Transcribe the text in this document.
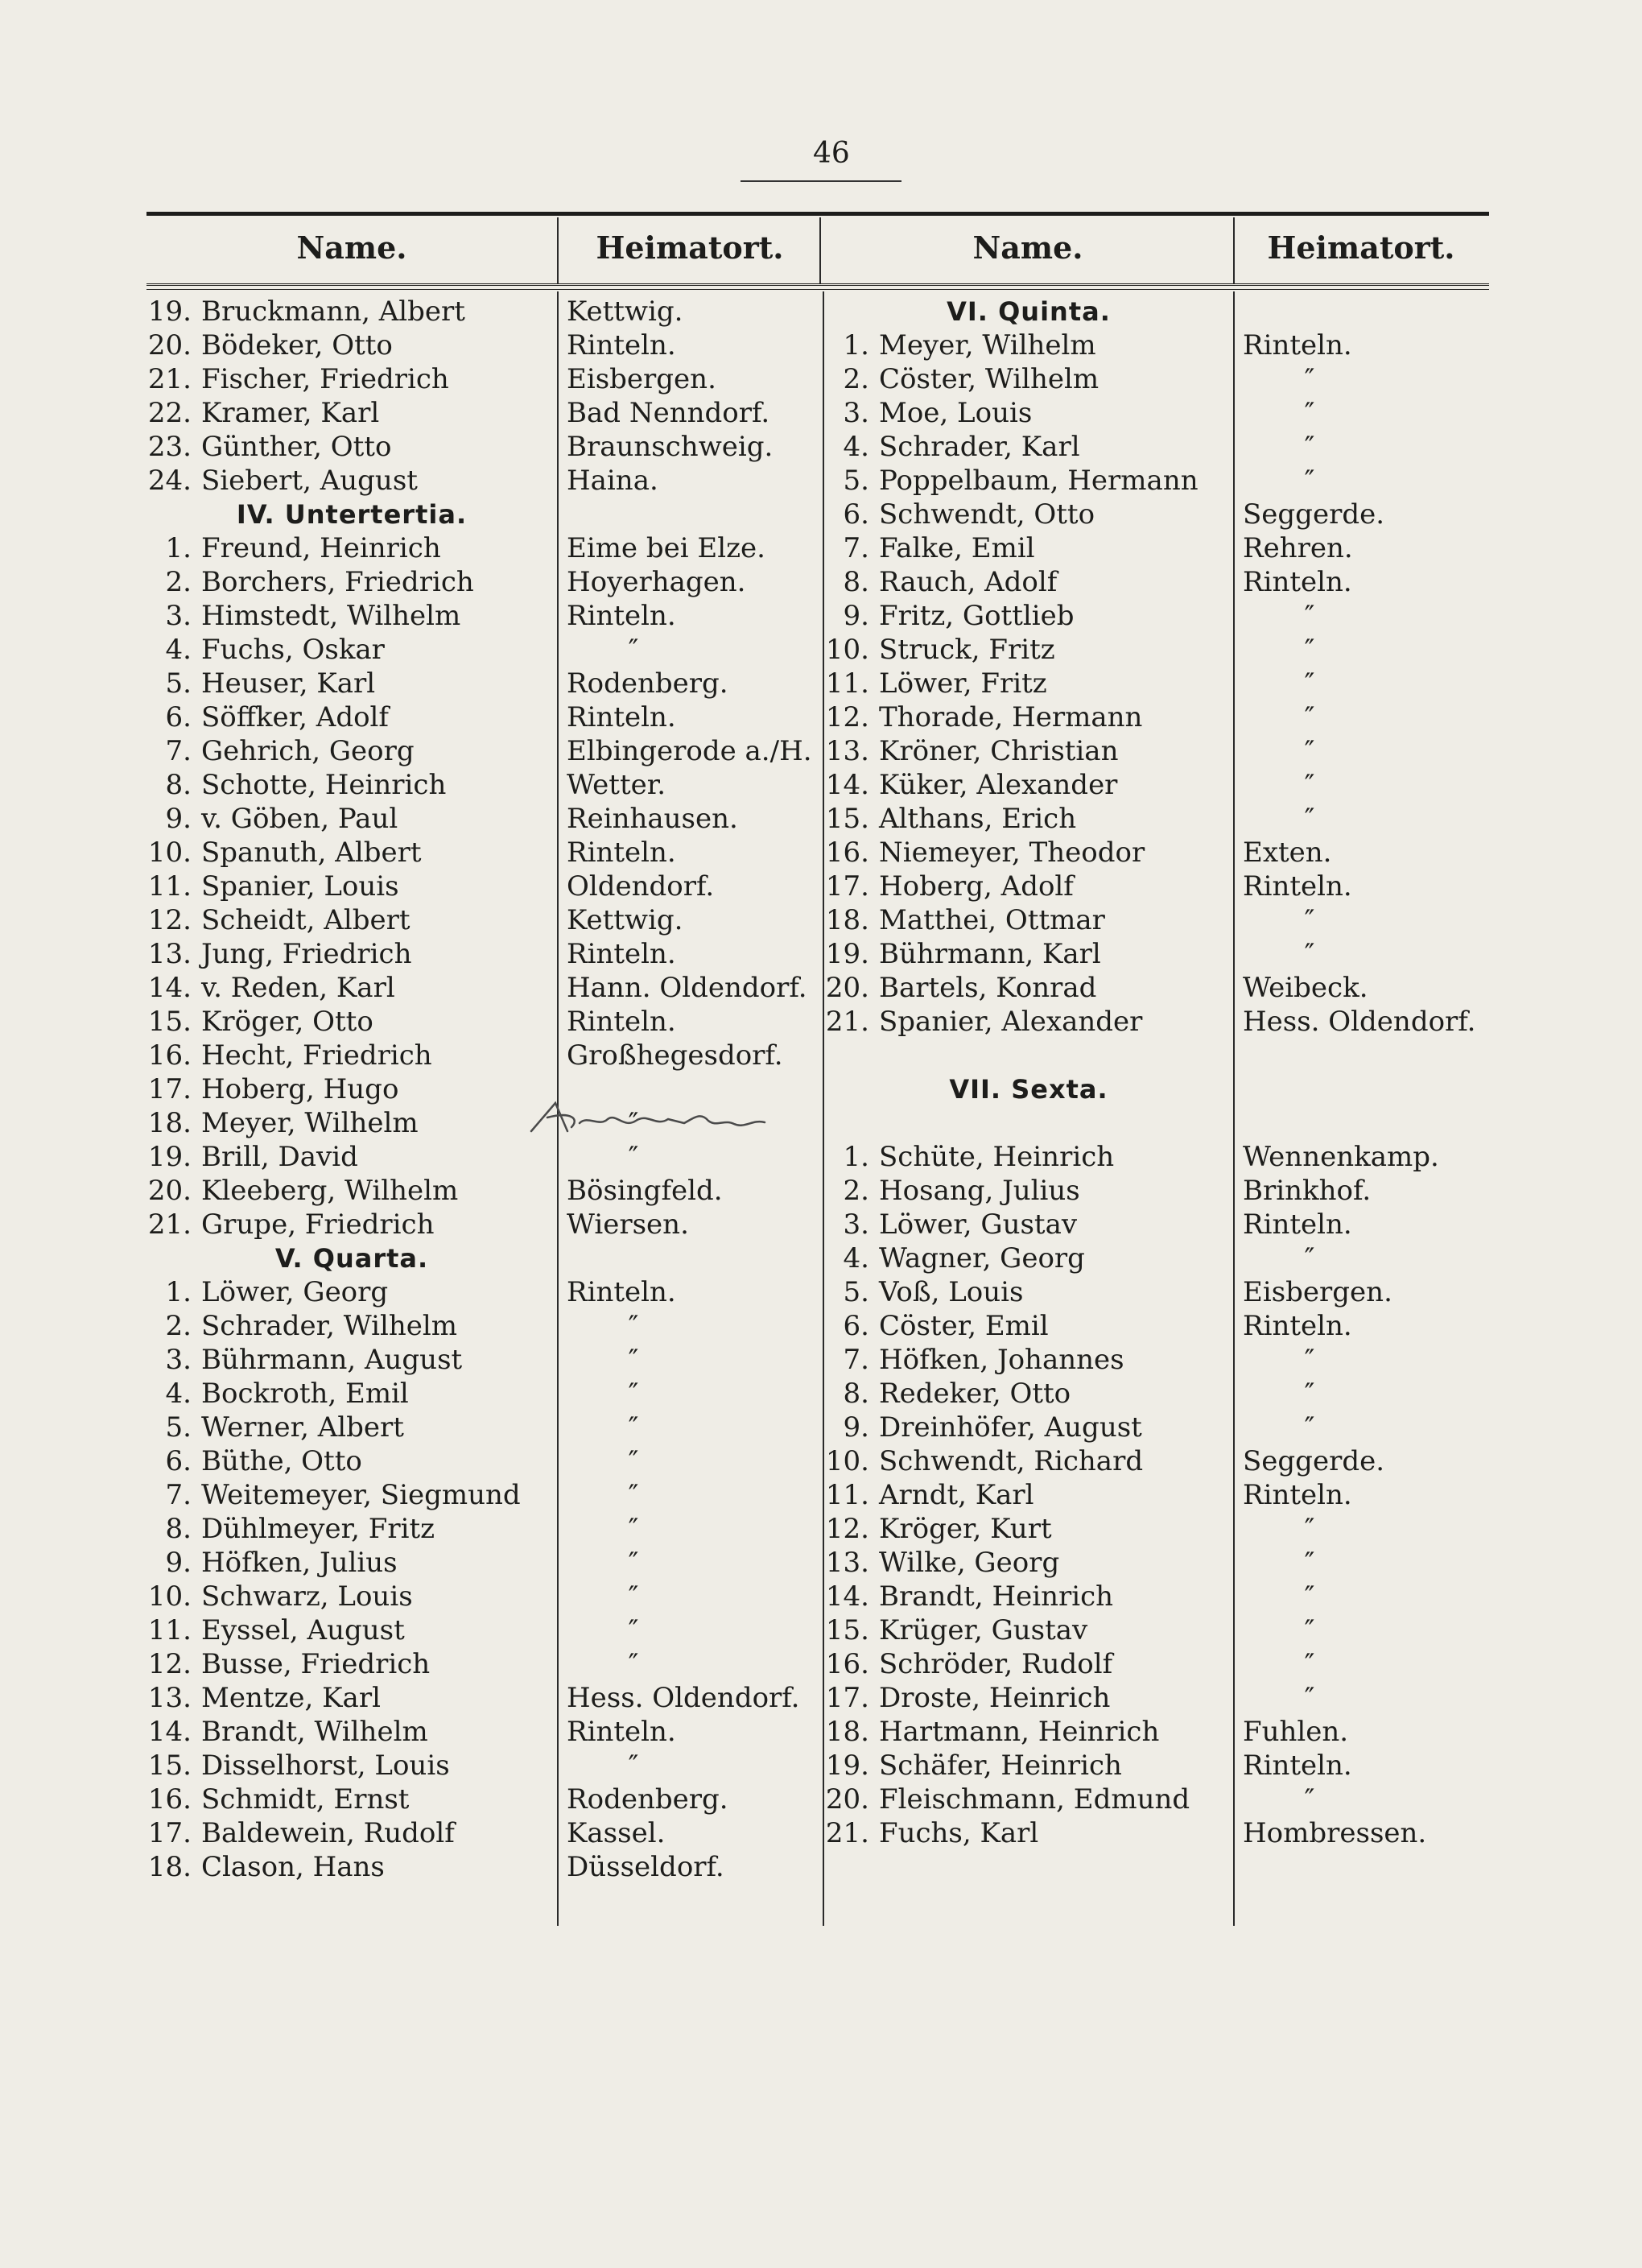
46
Name.	Heimatort.	Name.	Heimatort.
19. Bruckmann, Albert	Kettwig.
20. Bödeker, Otto	Rinteln.
21. Fischer, Friedrich	Eisbergen.
22. Kramer, Karl	Bad Nenndorf.
23. Günther, Otto	Braunschweig.
24. Siebert, August	Haina.
IV. Untertertia.
1. Freund, Heinrich	Eime bei Elze.
2. Borchers, Friedrich	Hoyerhagen.
3. Himstedt, Wilhelm	Rinteln.
4. Fuchs, Oskar	″
5. Heuser, Karl	Rodenberg.
6. Söffker, Adolf	Rinteln.
7. Gehrich, Georg	Elbingerode a./H.
8. Schotte, Heinrich	Wetter.
9. v. Göben, Paul	Reinhausen.
10. Spanuth, Albert	Rinteln.
11. Spanier, Louis	Oldendorf.
12. Scheidt, Albert	Kettwig.
13. Jung, Friedrich	Rinteln.
14. v. Reden, Karl	Hann. Oldendorf.
15. Kröger, Otto	Rinteln.
16. Hecht, Friedrich	Großhegesdorf.
17. Hoberg, Hugo
18. Meyer, Wilhelm	″
19. Brill, David	″
20. Kleeberg, Wilhelm	Bösingfeld.
21. Grupe, Friedrich	Wiersen.
V. Quarta.
1. Löwer, Georg	Rinteln.
2. Schrader, Wilhelm	″
3. Bührmann, August	″
4. Bockroth, Emil	″
5. Werner, Albert	″
6. Büthe, Otto	″
7. Weitemeyer, Siegmund	″
8. Dühlmeyer, Fritz	″
9. Höfken, Julius	″
10. Schwarz, Louis	″
11. Eyssel, August	″
12. Busse, Friedrich	″
13. Mentze, Karl	Hess. Oldendorf.
14. Brandt, Wilhelm	Rinteln.
15. Disselhorst, Louis	″
16. Schmidt, Ernst	Rodenberg.
17. Baldewein, Rudolf	Kassel.
18. Clason, Hans	Düsseldorf.
VI. Quinta.
1. Meyer, Wilhelm	Rinteln.
2. Cöster, Wilhelm	″
3. Moe, Louis	″
4. Schrader, Karl	″
5. Poppelbaum, Hermann	″
6. Schwendt, Otto	Seggerde.
7. Falke, Emil	Rehren.
8. Rauch, Adolf	Rinteln.
9. Fritz, Gottlieb	″
10. Struck, Fritz	″
11. Löwer, Fritz	″
12. Thorade, Hermann	″
13. Kröner, Christian	″
14. Küker, Alexander	″
15. Althans, Erich	″
16. Niemeyer, Theodor	Exten.
17. Hoberg, Adolf	Rinteln.
18. Matthei, Ottmar	″
19. Bührmann, Karl	″
20. Bartels, Konrad	Weibeck.
21. Spanier, Alexander	Hess. Oldendorf.
VII. Sexta.
1. Schüte, Heinrich	Wennenkamp.
2. Hosang, Julius	Brinkhof.
3. Löwer, Gustav	Rinteln.
4. Wagner, Georg	″
5. Voß, Louis	Eisbergen.
6. Cöster, Emil	Rinteln.
7. Höfken, Johannes	″
8. Redeker, Otto	″
9. Dreinhöfer, August	″
10. Schwendt, Richard	Seggerde.
11. Arndt, Karl	Rinteln.
12. Kröger, Kurt	″
13. Wilke, Georg	″
14. Brandt, Heinrich	″
15. Krüger, Gustav	″
16. Schröder, Rudolf	″
17. Droste, Heinrich	″
18. Hartmann, Heinrich	Fuhlen.
19. Schäfer, Heinrich	Rinteln.
20. Fleischmann, Edmund	″
21. Fuchs, Karl	Hombressen.
